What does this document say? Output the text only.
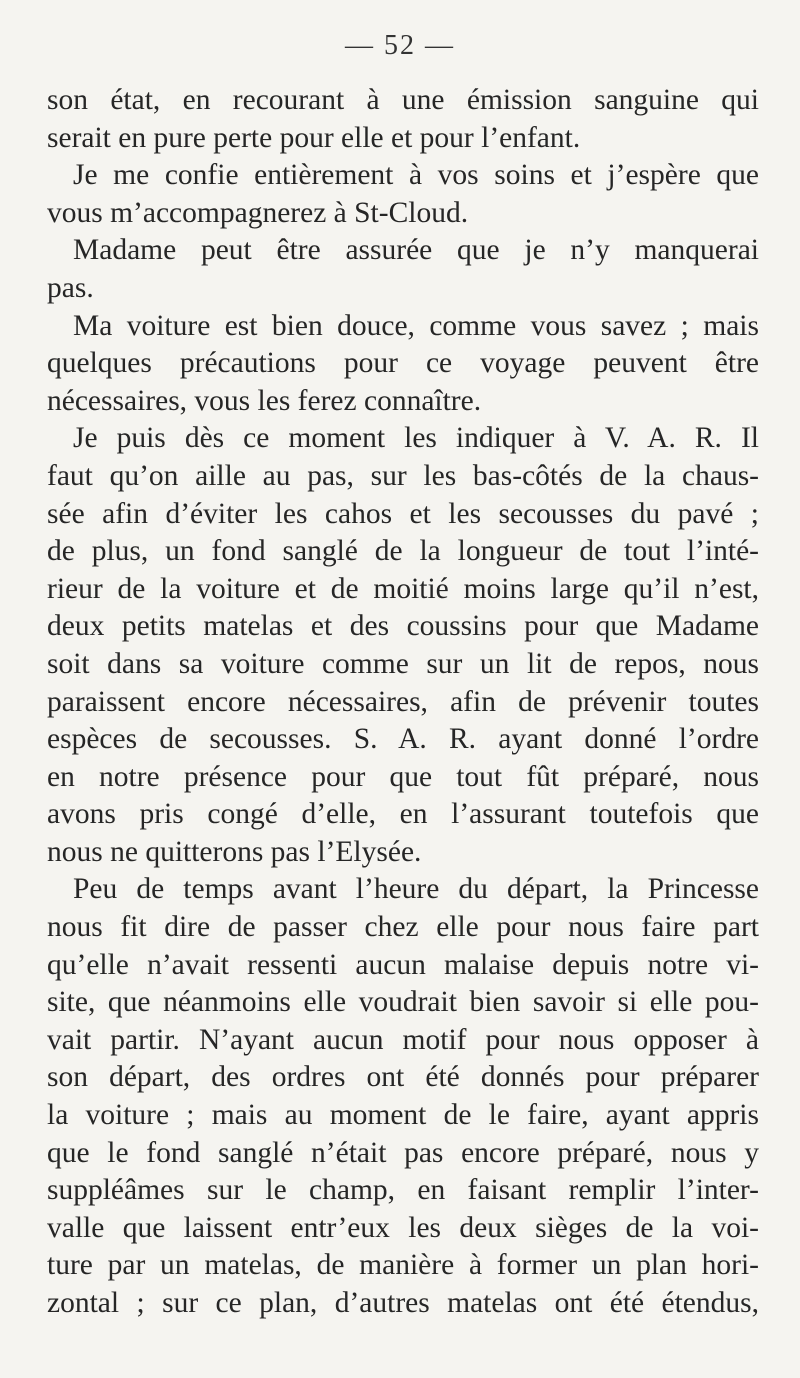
— 52 —
son état, en recourant à une émission sanguine qui
serait en pure perte pour elle et pour l’enfant.
Je me confie entièrement à vos soins et j’espère que
vous m’accompagnerez à St-Cloud.
Madame peut être assurée que je n’y manquerai
pas.
Ma voiture est bien douce, comme vous savez ; mais
quelques précautions pour ce voyage peuvent être
nécessaires, vous les ferez connaître.
Je puis dès ce moment les indiquer à V. A. R. Il
faut qu’on aille au pas, sur les bas-côtés de la chaus-
sée afin d’éviter les cahos et les secousses du pavé ;
de plus, un fond sanglé de la longueur de tout l’inté-
rieur de la voiture et de moitié moins large qu’il n’est,
deux petits matelas et des coussins pour que Madame
soit dans sa voiture comme sur un lit de repos, nous
paraissent encore nécessaires, afin de prévenir toutes
espèces de secousses. S. A. R. ayant donné l’ordre
en notre présence pour que tout fût préparé, nous
avons pris congé d’elle, en l’assurant toutefois que
nous ne quitterons pas l’Elysée.
Peu de temps avant l’heure du départ, la Princesse
nous fit dire de passer chez elle pour nous faire part
qu’elle n’avait ressenti aucun malaise depuis notre vi-
site, que néanmoins elle voudrait bien savoir si elle pou-
vait partir. N’ayant aucun motif pour nous opposer à
son départ, des ordres ont été donnés pour préparer
la voiture ; mais au moment de le faire, ayant appris
que le fond sanglé n’était pas encore préparé, nous y
suppléâmes sur le champ, en faisant remplir l’inter-
valle que laissent entr’eux les deux sièges de la voi-
ture par un matelas, de manière à former un plan hori-
zontal ; sur ce plan, d’autres matelas ont été étendus,
